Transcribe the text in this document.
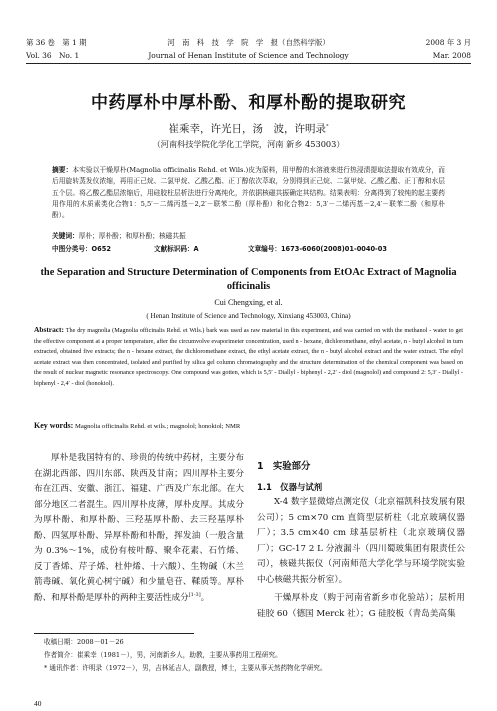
第 36 卷　第 1 期	河　南　科　技　学　院　学　报（自然科学版）	2008 年 3 月
Vol. 36　No. 1	Journal of Henan Institute of Science and Technology	Mar. 2008
中药厚朴中厚朴酚、和厚朴酚的提取研究
崔乘幸，许光日，汤　波，许明录*
（河南科技学院化学化工学院，河南 新乡 453003）
摘要：本实验以干燥厚朴(Magnolia officinalis Rehd. et Wils.)皮为原料，用甲醇的水溶液来进行热浸渍提取法提取有效成分，而后用旋转蒸发仪浓缩，再用正己烷、二氯甲烷、乙酸乙酯、正丁醇依次萃取，分别得到正己烷、二氯甲烷、乙酸乙酯、正丁醇和水层五个层。将乙酸乙酯层浓缩后，用硅胶柱层析法进行分离纯化，并依据核磁共振确定其结构。结果表明：分离得到了较纯的起主要药用作用的木质素类化合物1：5,5′－二烯丙基－2,2′－联苯二酚（厚朴酚）和化合物2：5,3′－二烯丙基－2,4′－联苯二酚（和厚朴酚）。
关键词：厚朴；厚朴酚；和厚朴酚；核磁共振
中图分类号：O652	文献标识码：A	文章编号：1673-6060(2008)01-0040-03
the Separation and Structure Determination of Components from EtOAc Extract of Magnolia officinalis
Cui Chengxing, et al.
( Henan Institute of Science and Technology, Xinxiang 453003, China)
Abstract: The dry magnolia (Magnolia officinalis Rehd. et Wils.) bark was used as raw material in this experiment, and was carried on with the methanol - water to get the effective component at a proper temperature, after the circumvolve evaporimeter concentration, used n - hexane, dichloromethane, ethyl acetate, n - butyl alcohol in turn extracted, obtained five extracts; the n - hexane extract, the dichloromethane extract, the ethyl acetate extract, the n - butyl alcohol extract and the water extract. The ethyl acetate extract was then concentrated, isolated and purified by silica gel column chromatography and the structure determination of the chemical component was based on the result of nuclear magnetic resonance spectroscopy. One compound was gotten, which is 5,5′ - Diallyl - biphenyl - 2,2′ - diol (magnolol) and compound 2: 5,3′ - Diallyl - biphenyl - 2,4′ - diol (honokiol).
Key words: Magnolia officinalis Rehd. et wils.; magnolol; honokiol; NMR
厚朴是我国特有的、珍贵的传统中药材，主要分布在湖北西部、四川东部、陕西及甘南；四川厚朴主要分布在江西、安徽、浙江、福建、广西及广东北部。在大部分地区二者混生。四川厚朴皮薄，厚朴皮厚。其成分为厚朴酚、和厚朴酚、三羟基厚朴酚、去三羟基厚朴酚、四氢厚朴酚、异厚朴酚和朴酚，挥发油（一般含量为 0.3%～1%，成份有桉叶醇、聚伞花素、石竹烯、反丁香烯、芹子烯、杜仲烯、十六酸）、生物碱（木兰箭毒碱、氧化黄心树宁碱）和少量皂苷、鞣质等。厚朴酚、和厚朴酚是厚朴的两种主要活性成分[1-3]。
1　实验部分
1.1　仪器与试剂
X-4 数字显微熔点测定仪（北京福凯科技发展有限公司）；5 cm×70 cm 直筒型层析柱（北京玻璃仪器厂）；3.5 cm×40 cm 球基层析柱（北京玻璃仪器厂）；GC-17 2 L 分液漏斗（四川蜀玻集团有限责任公司），核磁共振仪（河南师范大学化学与环境学院实验中心核磁共振分析室）。
干燥厚朴皮（购于河南省新乡市化验站）；层析用硅胶 60（德国 Merck 社）；G 硅胶板（青岛美高集
收稿日期：2008－01－26
作者简介：崔乘幸（1981－），男，河南新乡人，助教，主要从事药用工程研究。
* 通讯作者：许明录（1972－），男，吉林延吉人，副教授，博士，主要从事天然药物化学研究。
40
